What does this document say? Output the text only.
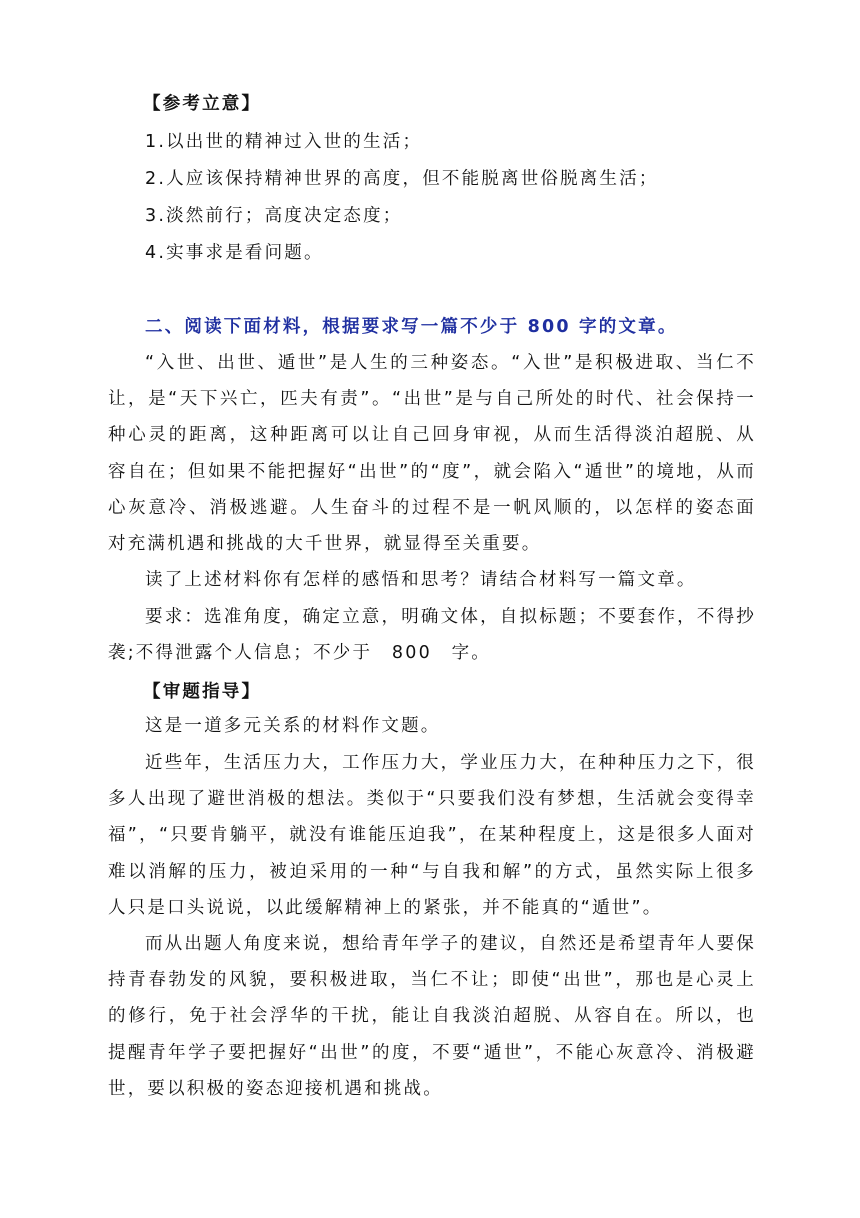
【参考立意】
1.以出世的精神过入世的生活；
2.人应该保持精神世界的高度，但不能脱离世俗脱离生活；
3.淡然前行；高度决定态度；
4.实事求是看问题。
二、阅读下面材料，根据要求写一篇不少于 800 字的文章。
“入世、出世、遁世”是人生的三种姿态。“入世”是积极进取、当仁不让，是“天下兴亡，匹夫有责”。“出世”是与自己所处的时代、社会保持一种心灵的距离，这种距离可以让自己回身审视，从而生活得淡泊超脱、从容自在；但如果不能把握好“出世”的“度”，就会陷入“遁世”的境地，从而心灰意冷、消极逃避。人生奋斗的过程不是一帆风顺的，以怎样的姿态面对充满机遇和挑战的大千世界，就显得至关重要。
读了上述材料你有怎样的感悟和思考？请结合材料写一篇文章。
要求：选准角度，确定立意，明确文体，自拟标题；不要套作，不得抄袭;不得泄露个人信息；不少于　800　字。
【审题指导】
这是一道多元关系的材料作文题。
近些年，生活压力大，工作压力大，学业压力大，在种种压力之下，很多人出现了避世消极的想法。类似于“只要我们没有梦想，生活就会变得幸福”，“只要肯躺平，就没有谁能压迫我”，在某种程度上，这是很多人面对难以消解的压力，被迫采用的一种“与自我和解”的方式，虽然实际上很多人只是口头说说，以此缓解精神上的紧张，并不能真的“遁世”。
而从出题人角度来说，想给青年学子的建议，自然还是希望青年人要保持青春勃发的风貌，要积极进取，当仁不让；即使“出世”，那也是心灵上的修行，免于社会浮华的干扰，能让自我淡泊超脱、从容自在。所以，也提醒青年学子要把握好“出世”的度，不要“遁世”，不能心灰意冷、消极避世，要以积极的姿态迎接机遇和挑战。
